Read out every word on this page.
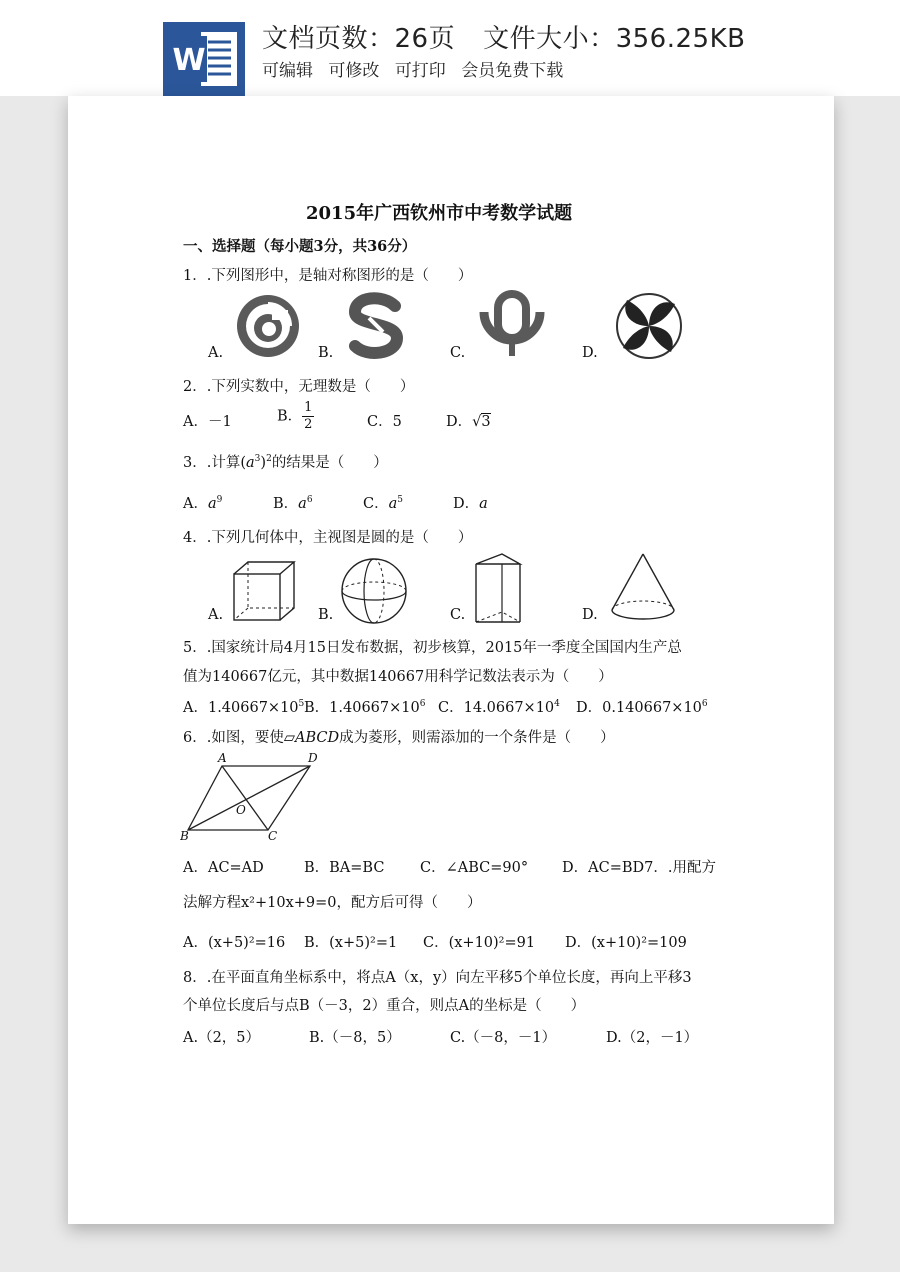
W
文档页数：26页 文件大小：356.25KB
可编辑 可修改 可打印 会员免费下载
2015年广西钦州市中考数学试题
一、选择题（每小题3分，共36分）
1．.下列图形中，是轴对称图形的是（　　）
A.	B.	C.	D.
2．.下列实数中，无理数是（　　）
A．－1	B． $\frac{1}{2}$	C．5	D．√3
3．.计算$(a^3)^2$的结果是（　　）
A．$a^9$	B．$a^6$	C．$a^5$	D．a
4．.下列几何体中，主视图是圆的是（　　）
A.	B.	C.	D.
5．.国家统计局4月15日发布数据，初步核算，2015年一季度全国国内生产总
值为140667亿元，其中数据140667用科学记数法表示为（　　）
A．$1.40667\times 10^5$ B．$1.40667\times 10^6$ C．$14.0667\times 10^4$ D．$0.140667\times 10^6$
6．.如图，要使▱ABCD成为菱形，则需添加的一个条件是（　　）
A	D
B	C
O
A．AC=AD	B．BA=BC C．∠ABC=90° D．AC=BD7．.用配方
法解方程x²+10x+9=0，配方后可得（　　）
A．(x+5)²=16 B．(x+5)²=1 C．(x+10)²=91 D．(x+10)²=109
8．.在平面直角坐标系中，将点A（x，y）向左平移5个单位长度，再向上平移3
个单位长度后与点B（－3，2）重合，则点A的坐标是（　　）
A.（2，5）	B.（－8，5）	C.（－8，－1）	D.（2，－1）
